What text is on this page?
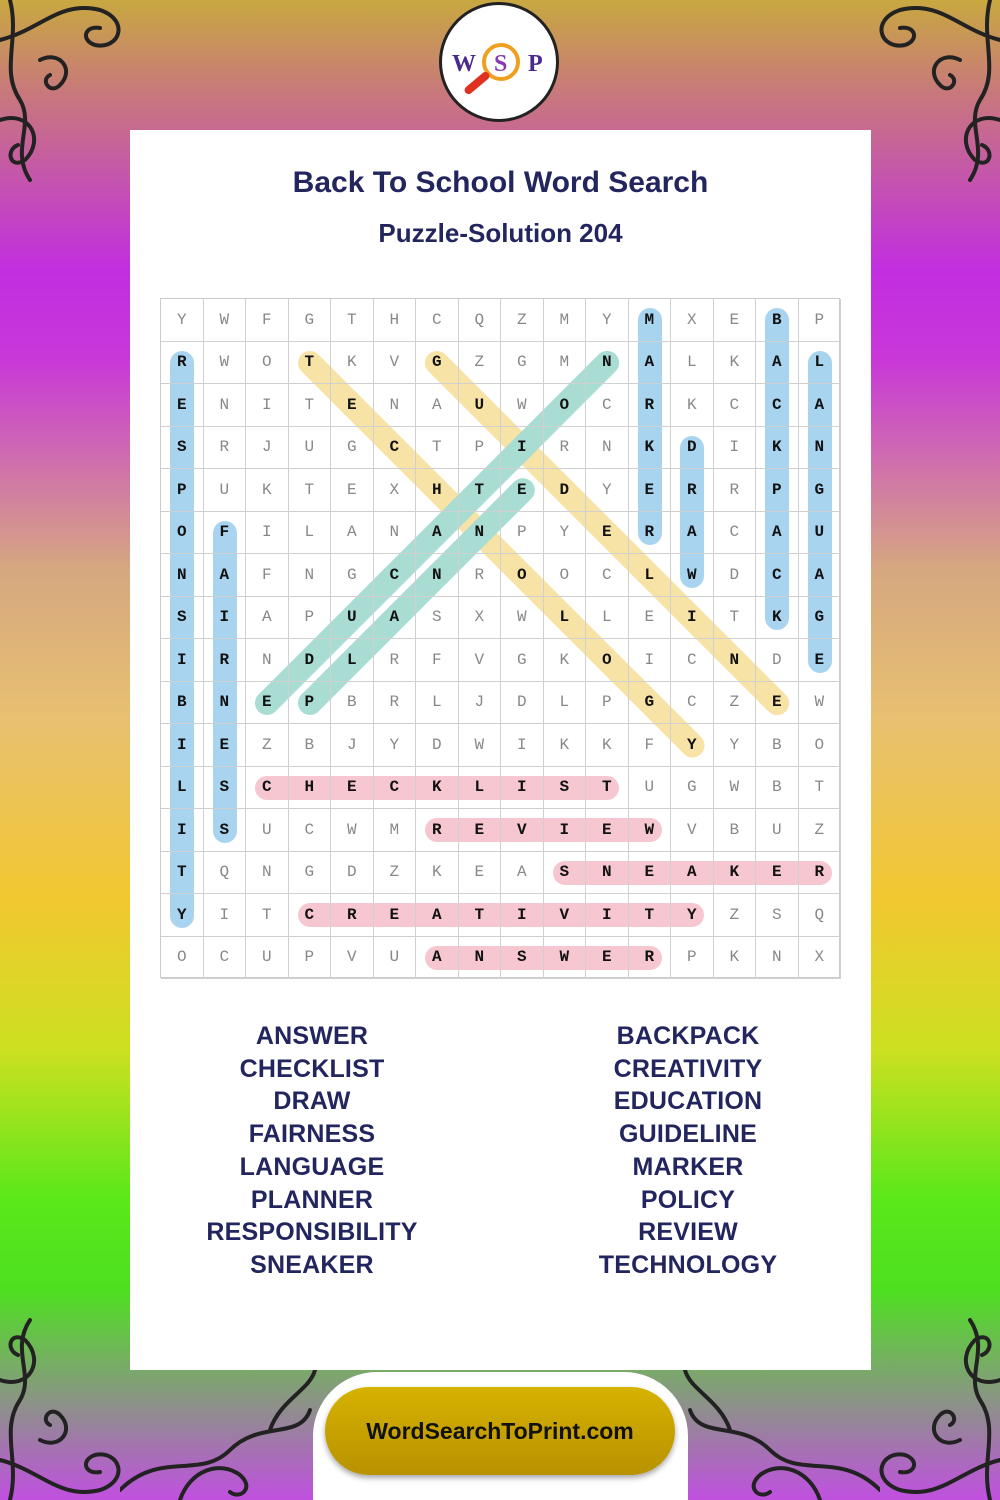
W S P
Back To School Word Search
Puzzle-Solution 204
Y	W	F	G	T	H	C	Q	Z	M	Y	M	X	E	B	P
R	W	O	T	K	V	G	Z	G	M	N	A	L	K	A	L
E	N	I	T	E	N	A	U	W	O	C	R	K	C	C	A
S	R	J	U	G	C	T	P	I	R	N	K	D	I	K	N
P	U	K	T	E	X	H	T	E	D	Y	E	R	R	P	G
O	F	I	L	A	N	A	N	P	Y	E	R	A	C	A	U
N	A	F	N	G	C	N	R	O	O	C	L	W	D	C	A
S	I	A	P	U	A	S	X	W	L	L	E	I	T	K	G
I	R	N	D	L	R	F	V	G	K	O	I	C	N	D	E
B	N	E	P	B	R	L	J	D	L	P	G	C	Z	E	W
I	E	Z	B	J	Y	D	W	I	K	K	F	Y	Y	B	O
L	S	C	H	E	C	K	L	I	S	T	U	G	W	B	T
I	S	U	C	W	M	R	E	V	I	E	W	V	B	U	Z
T	Q	N	G	D	Z	K	E	A	S	N	E	A	K	E	R
Y	I	T	C	R	E	A	T	I	V	I	T	Y	Z	S	Q
O	C	U	P	V	U	A	N	S	W	E	R	P	K	N	X
ANSWER
CHECKLIST
DRAW
FAIRNESS
LANGUAGE
PLANNER
RESPONSIBILITY
SNEAKER
BACKPACK
CREATIVITY
EDUCATION
GUIDELINE
MARKER
POLICY
REVIEW
TECHNOLOGY
WordSearchToPrint.com
